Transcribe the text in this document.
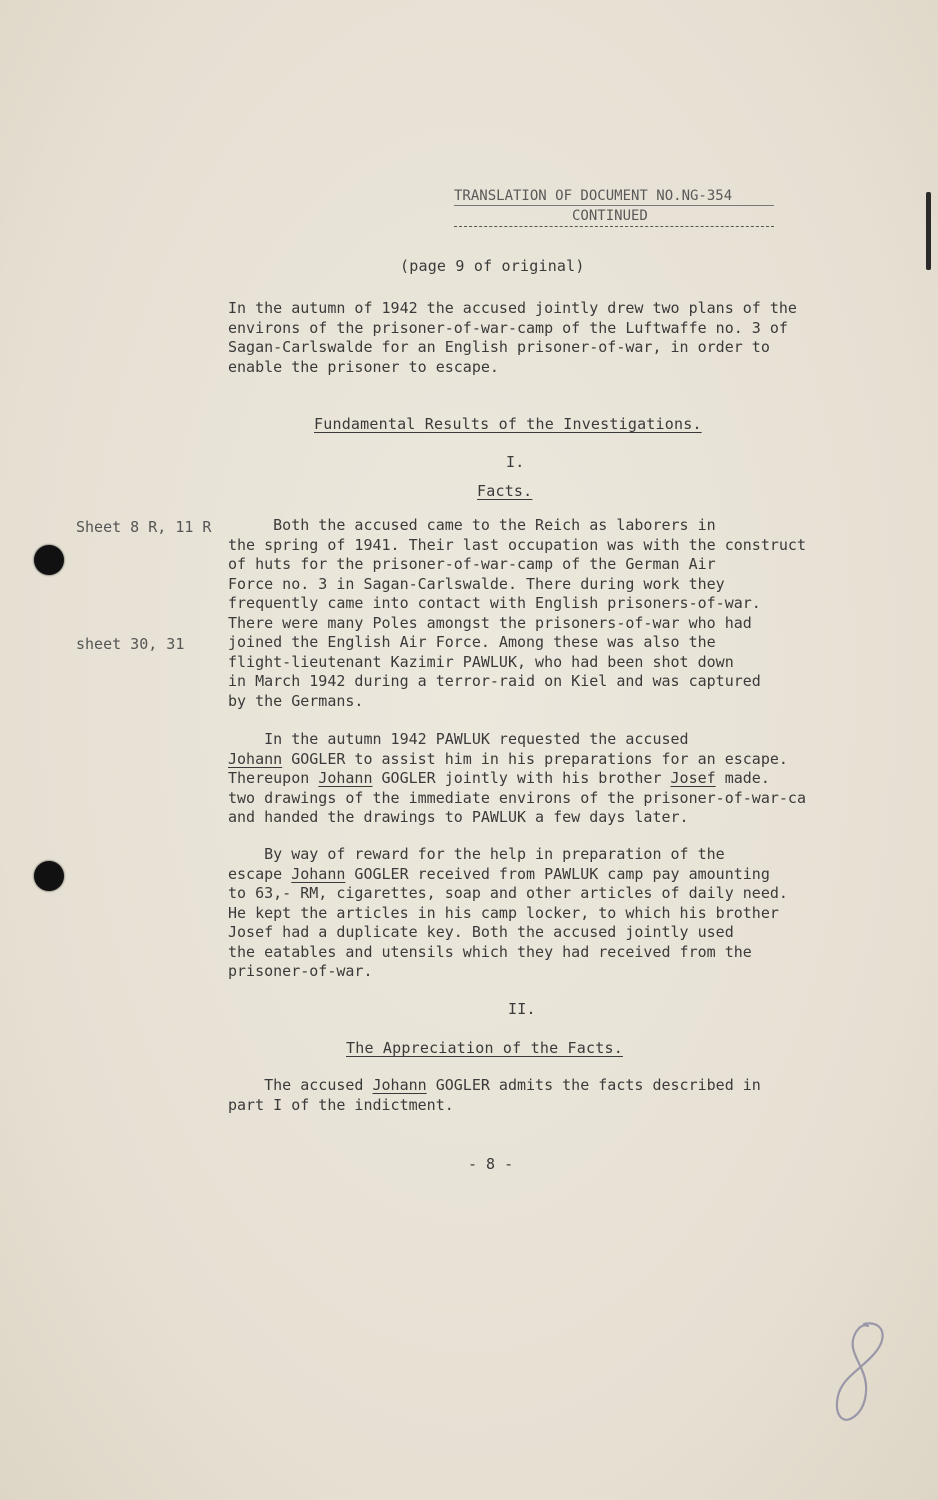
TRANSLATION OF DOCUMENT NO.NG-354
CONTINUED
(page 9 of original)
In the autumn of 1942 the accused jointly drew two plans of the
environs of the prisoner-of-war-camp of the Luftwaffe no. 3 of
Sagan-Carlswalde for an English prisoner-of-war, in order to
enable the prisoner to escape.
Fundamental Results of the Investigations.
I.
Facts.
Sheet 8 R, 11 R
sheet 30, 31
Both the accused came to the Reich as laborers in
the spring of 1941. Their last occupation was with the construct
of huts for the prisoner-of-war-camp of the German Air
Force no. 3 in Sagan-Carlswalde. There during work they
frequently came into contact with English prisoners-of-war.
There were many Poles amongst the prisoners-of-war who had
joined the English Air Force. Among these was also the
flight-lieutenant Kazimir PAWLUK, who had been shot down
in March 1942 during a terror-raid on Kiel and was captured
by the Germans.
In the autumn 1942 PAWLUK requested the accused
Johann GOGLER to assist him in his preparations for an escape.
Thereupon Johann GOGLER jointly with his brother Josef made.
two drawings of the immediate environs of the prisoner-of-war-ca
and handed the drawings to PAWLUK a few days later.
By way of reward for the help in preparation of the
escape Johann GOGLER received from PAWLUK camp pay amounting
to 63,- RM, cigarettes, soap and other articles of daily need.
He kept the articles in his camp locker, to which his brother
Josef had a duplicate key. Both the accused jointly used
the eatables and utensils which they had received from the
prisoner-of-war.
II.
The Appreciation of the Facts.
The accused Johann GOGLER admits the facts described in
part I of the indictment.
- 8 -
